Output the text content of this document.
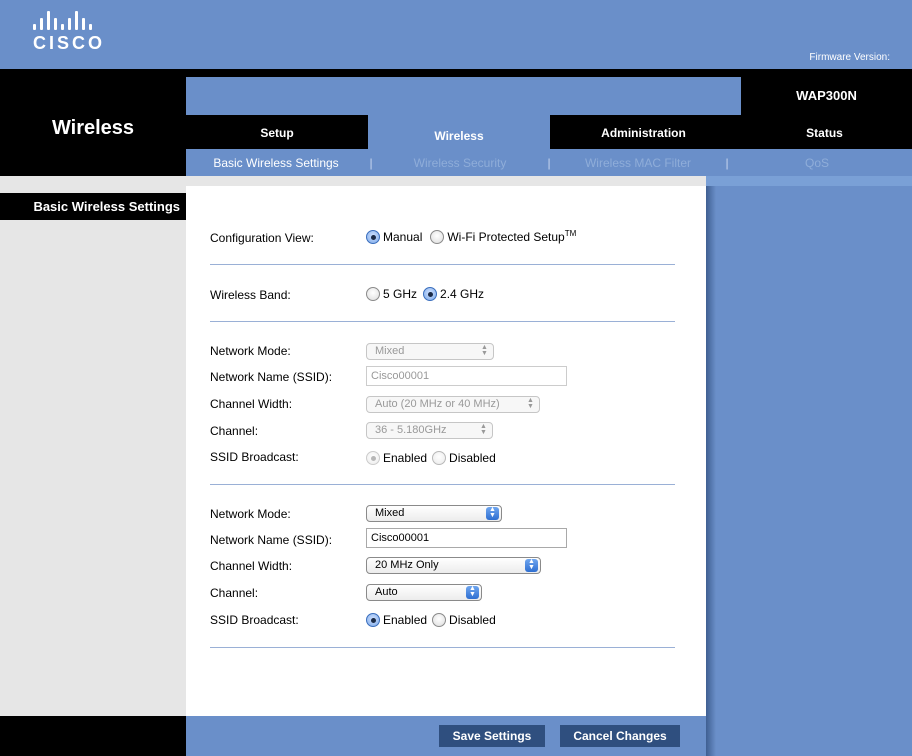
CISCO
Firmware Version:
Wireless
WAP300N
Setup	Wireless	Administration	Status
Basic Wireless Settings	|	Wireless Security	|	Wireless MAC Filter	|	QoS
Basic Wireless Settings
Configuration View:	Manual Wi-Fi Protected Setup™
Wireless Band:	5 GHz 2.4 GHz
Network Mode:	Mixed	▲
▼
Network Name (SSID):	Cisco00001
Channel Width:	Auto (20 MHz or 40 MHz)	▲
▼
Channel:	36 - 5.180GHz	▲
▼
SSID Broadcast:	Enabled Disabled
Network Mode:	Mixed	▲
▼
Network Name (SSID):	Cisco00001
Channel Width:	20 MHz Only	▲
▼
Channel:	Auto	▲
▼
SSID Broadcast:	Enabled Disabled
Save Settings	Cancel Changes
